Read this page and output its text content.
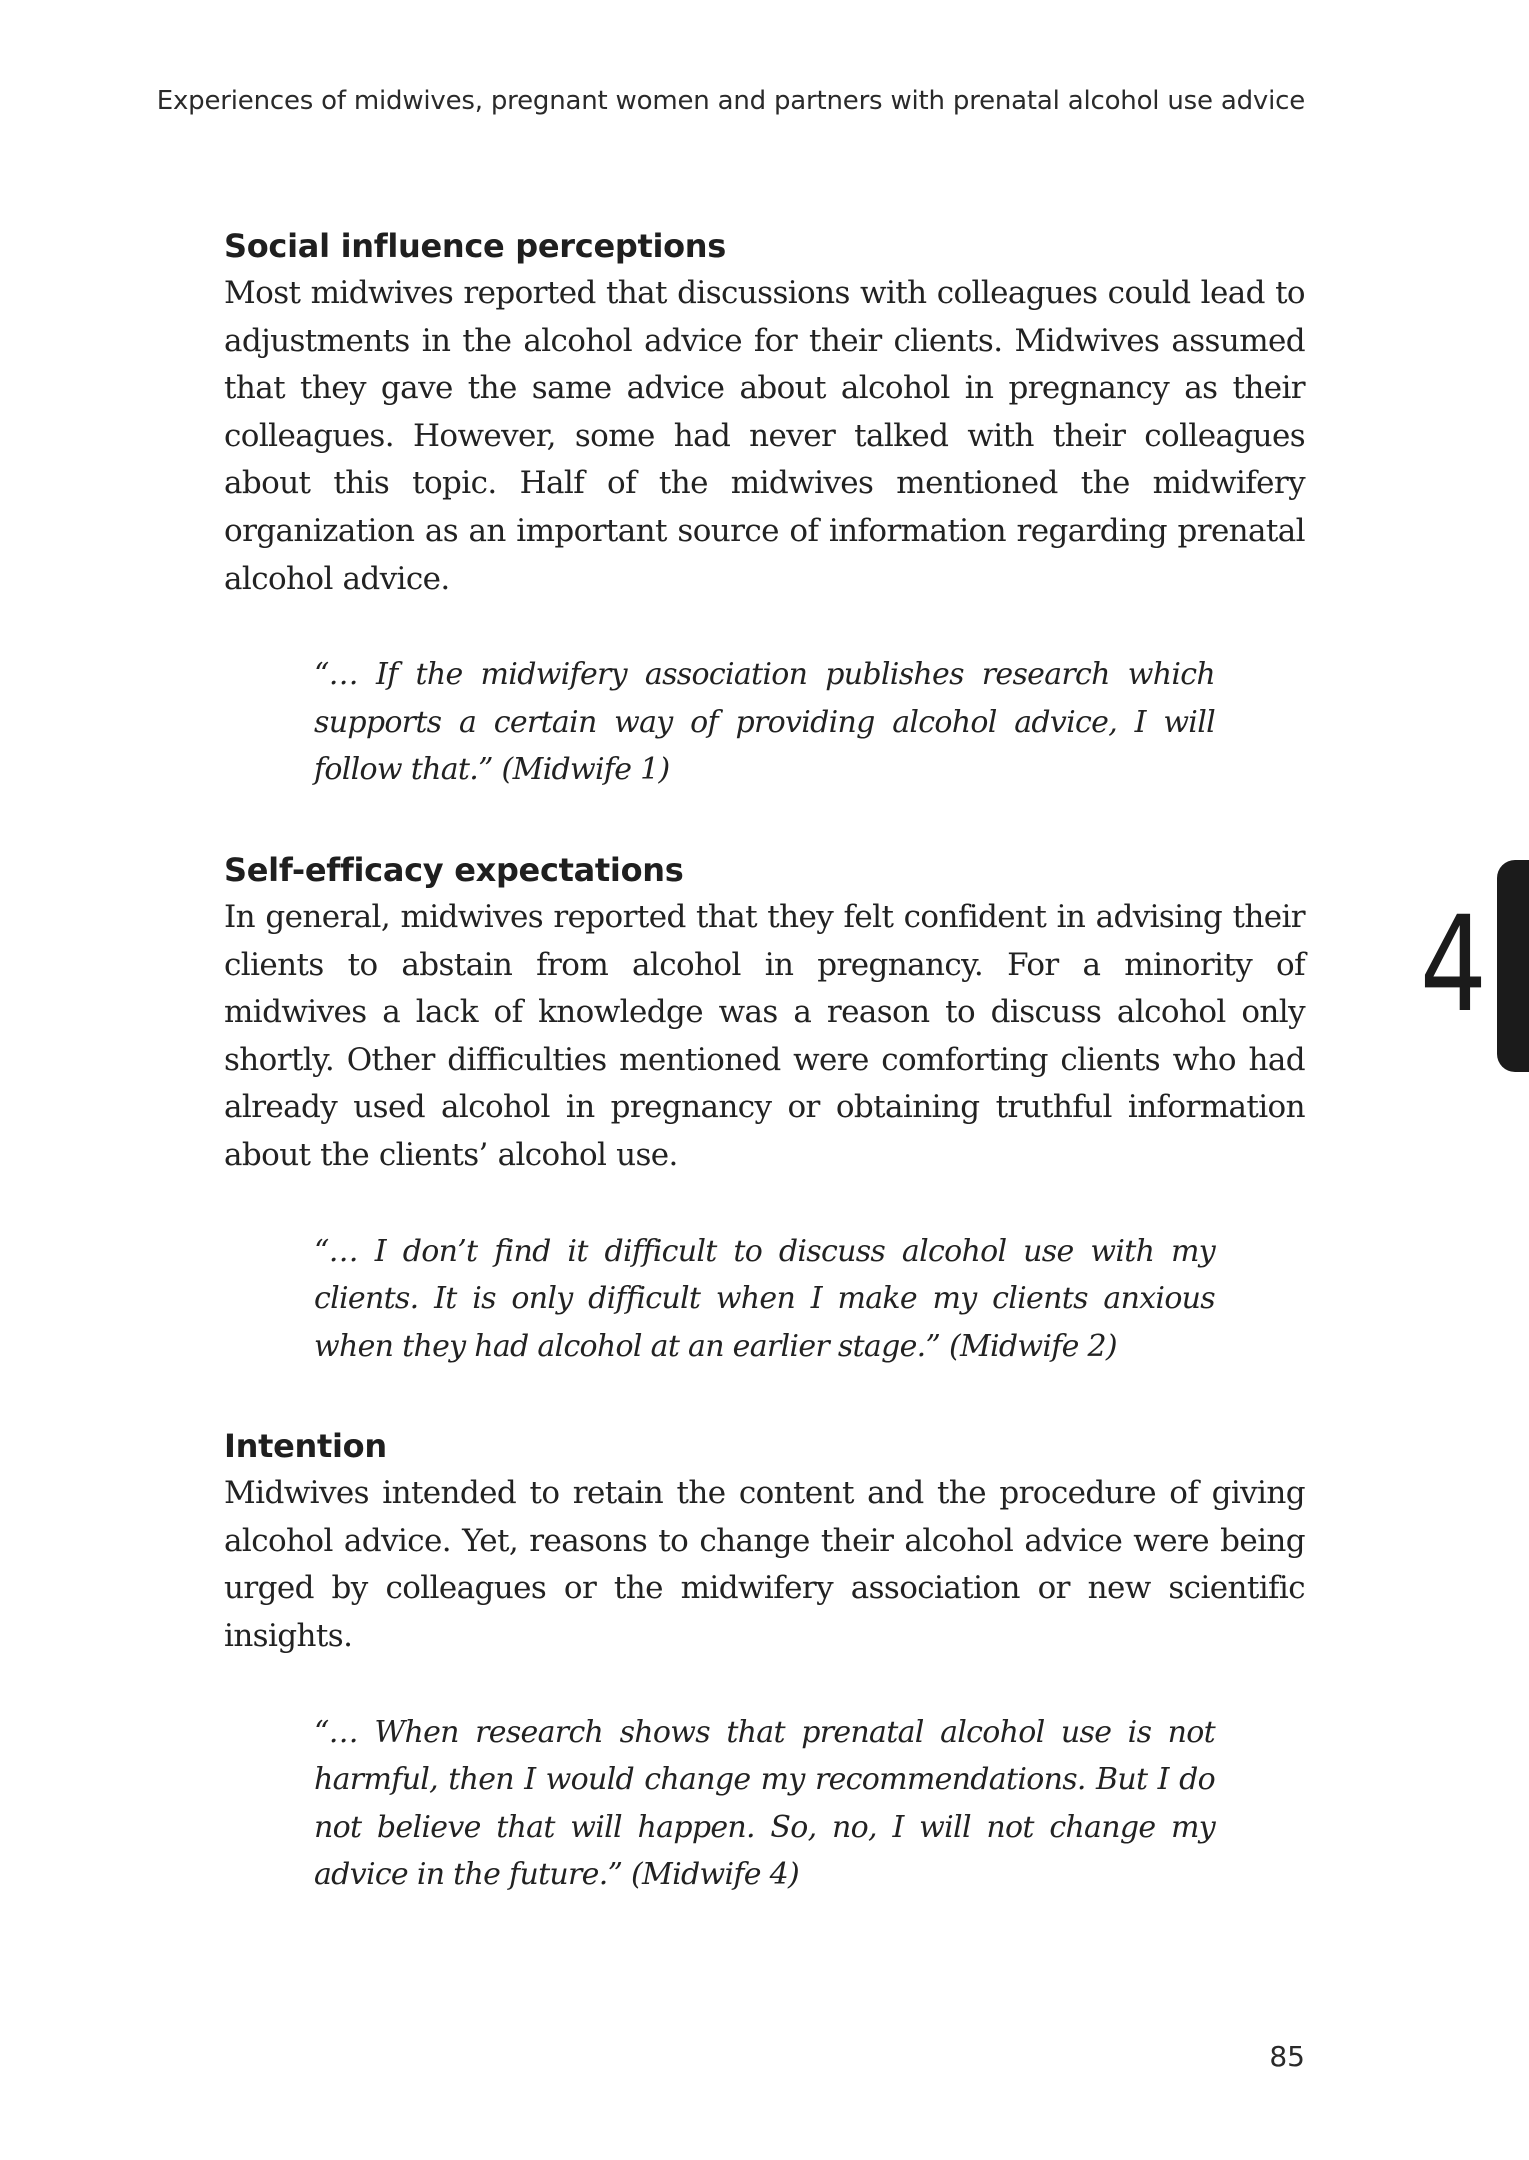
Experiences of midwives, pregnant women and partners with prenatal alcohol use advice
Social influence perceptions

Most midwives reported that discussions with colleagues could lead to adjustments in the alcohol advice for their clients. Midwives assumed that they gave the same advice about alcohol in pregnancy as their colleagues. However, some had never talked with their colleagues about this topic. Half of the midwives mentioned the midwifery organization as an important source of information regarding prenatal alcohol advice.

“… If the midwifery association publishes research which supports a certain way of providing alcohol advice, I will follow that.” (Midwife 1)

Self-efficacy expectations

In general, midwives reported that they felt confident in advising their clients to abstain from alcohol in pregnancy. For a minority of midwives a lack of knowledge was a reason to discuss alcohol only shortly. Other difficulties mentioned were comforting clients who had already used alcohol in pregnancy or obtaining truthful information about the clients’ alcohol use.

“… I don’t find it difficult to discuss alcohol use with my clients. It is only difficult when I make my clients anxious when they had alcohol at an earlier stage.” (Midwife 2)

Intention

Midwives intended to retain the content and the procedure of giving alcohol advice. Yet, reasons to change their alcohol advice were being urged by colleagues or the midwifery association or new scientific insights.

“… When research shows that prenatal alcohol use is not harmful, then I would change my recommendations. But I do not believe that will happen. So, no, I will not change my advice in the future.” (Midwife 4)

4
85
